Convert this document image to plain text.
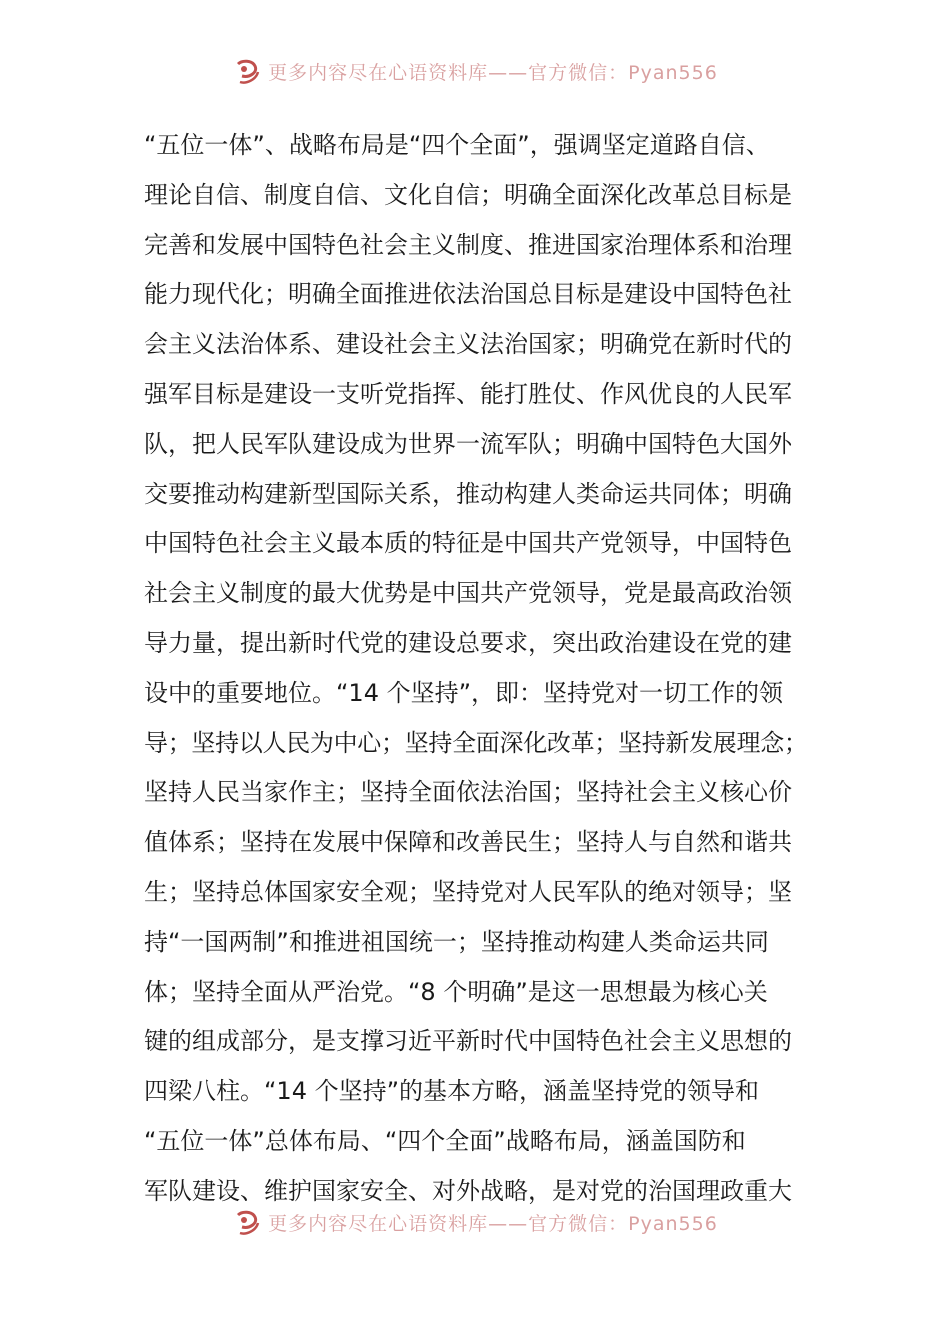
更多内容尽在心语资料库——官方微信：Pyan556
“五位一体”、战略布局是“四个全面”，强调坚定道路自信、
理论自信、制度自信、文化自信；明确全面深化改革总目标是
完善和发展中国特色社会主义制度、推进国家治理体系和治理
能力现代化；明确全面推进依法治国总目标是建设中国特色社
会主义法治体系、建设社会主义法治国家；明确党在新时代的
强军目标是建设一支听党指挥、能打胜仗、作风优良的人民军
队，把人民军队建设成为世界一流军队；明确中国特色大国外
交要推动构建新型国际关系，推动构建人类命运共同体；明确
中国特色社会主义最本质的特征是中国共产党领导，中国特色
社会主义制度的最大优势是中国共产党领导，党是最高政治领
导力量，提出新时代党的建设总要求，突出政治建设在党的建
设中的重要地位。“14 个坚持”，即：坚持党对一切工作的领
导；坚持以人民为中心；坚持全面深化改革；坚持新发展理念；
坚持人民当家作主；坚持全面依法治国；坚持社会主义核心价
值体系；坚持在发展中保障和改善民生；坚持人与自然和谐共
生；坚持总体国家安全观；坚持党对人民军队的绝对领导；坚
持“一国两制”和推进祖国统一；坚持推动构建人类命运共同
体；坚持全面从严治党。“8 个明确”是这一思想最为核心关
键的组成部分，是支撑习近平新时代中国特色社会主义思想的
四梁八柱。“14 个坚持”的基本方略，涵盖坚持党的领导和
“五位一体”总体布局、“四个全面”战略布局，涵盖国防和
军队建设、维护国家安全、对外战略，是对党的治国理政重大
更多内容尽在心语资料库——官方微信：Pyan556
